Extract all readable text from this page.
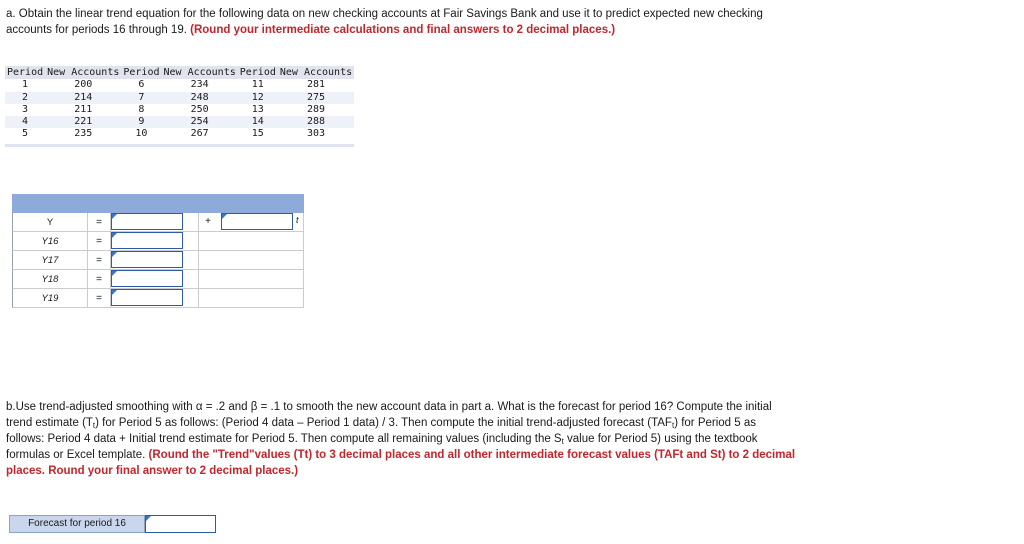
a. Obtain the linear trend equation for the following data on new checking accounts at Fair Savings Bank and use it to predict expected new checking accounts for periods 16 through 19. (Round your intermediate calculations and final answers to 2 decimal places.)
Period	New Accounts	Period	New Accounts	Period	New Accounts
1	200	6	234	11	281
2	214	7	248	12	275
3	211	8	250	13	289
4	221	9	254	14	288
5	235	10	267	15	303
Y	=	+	t
Y16	=
Y17	=
Y18	=
Y19	=
b.Use trend-adjusted smoothing with α = .2 and β = .1 to smooth the new account data in part a. What is the forecast for period 16? Compute the initial trend estimate $(T_t)$ for Period 5 as follows: (Period 4 data – Period 1 data) / 3. Then compute the initial trend-adjusted forecast $(TAF_t)$ for Period 5 as follows: Period 4 data + Initial trend estimate for Period 5. Then compute all remaining values (including the $S_t$ value for Period 5) using the textbook formulas or Excel template. (Round the "Trend"values (Tt) to 3 decimal places and all other intermediate forecast values (TAFt and St) to 2 decimal places. Round your final answer to 2 decimal places.)
Forecast for period 16
